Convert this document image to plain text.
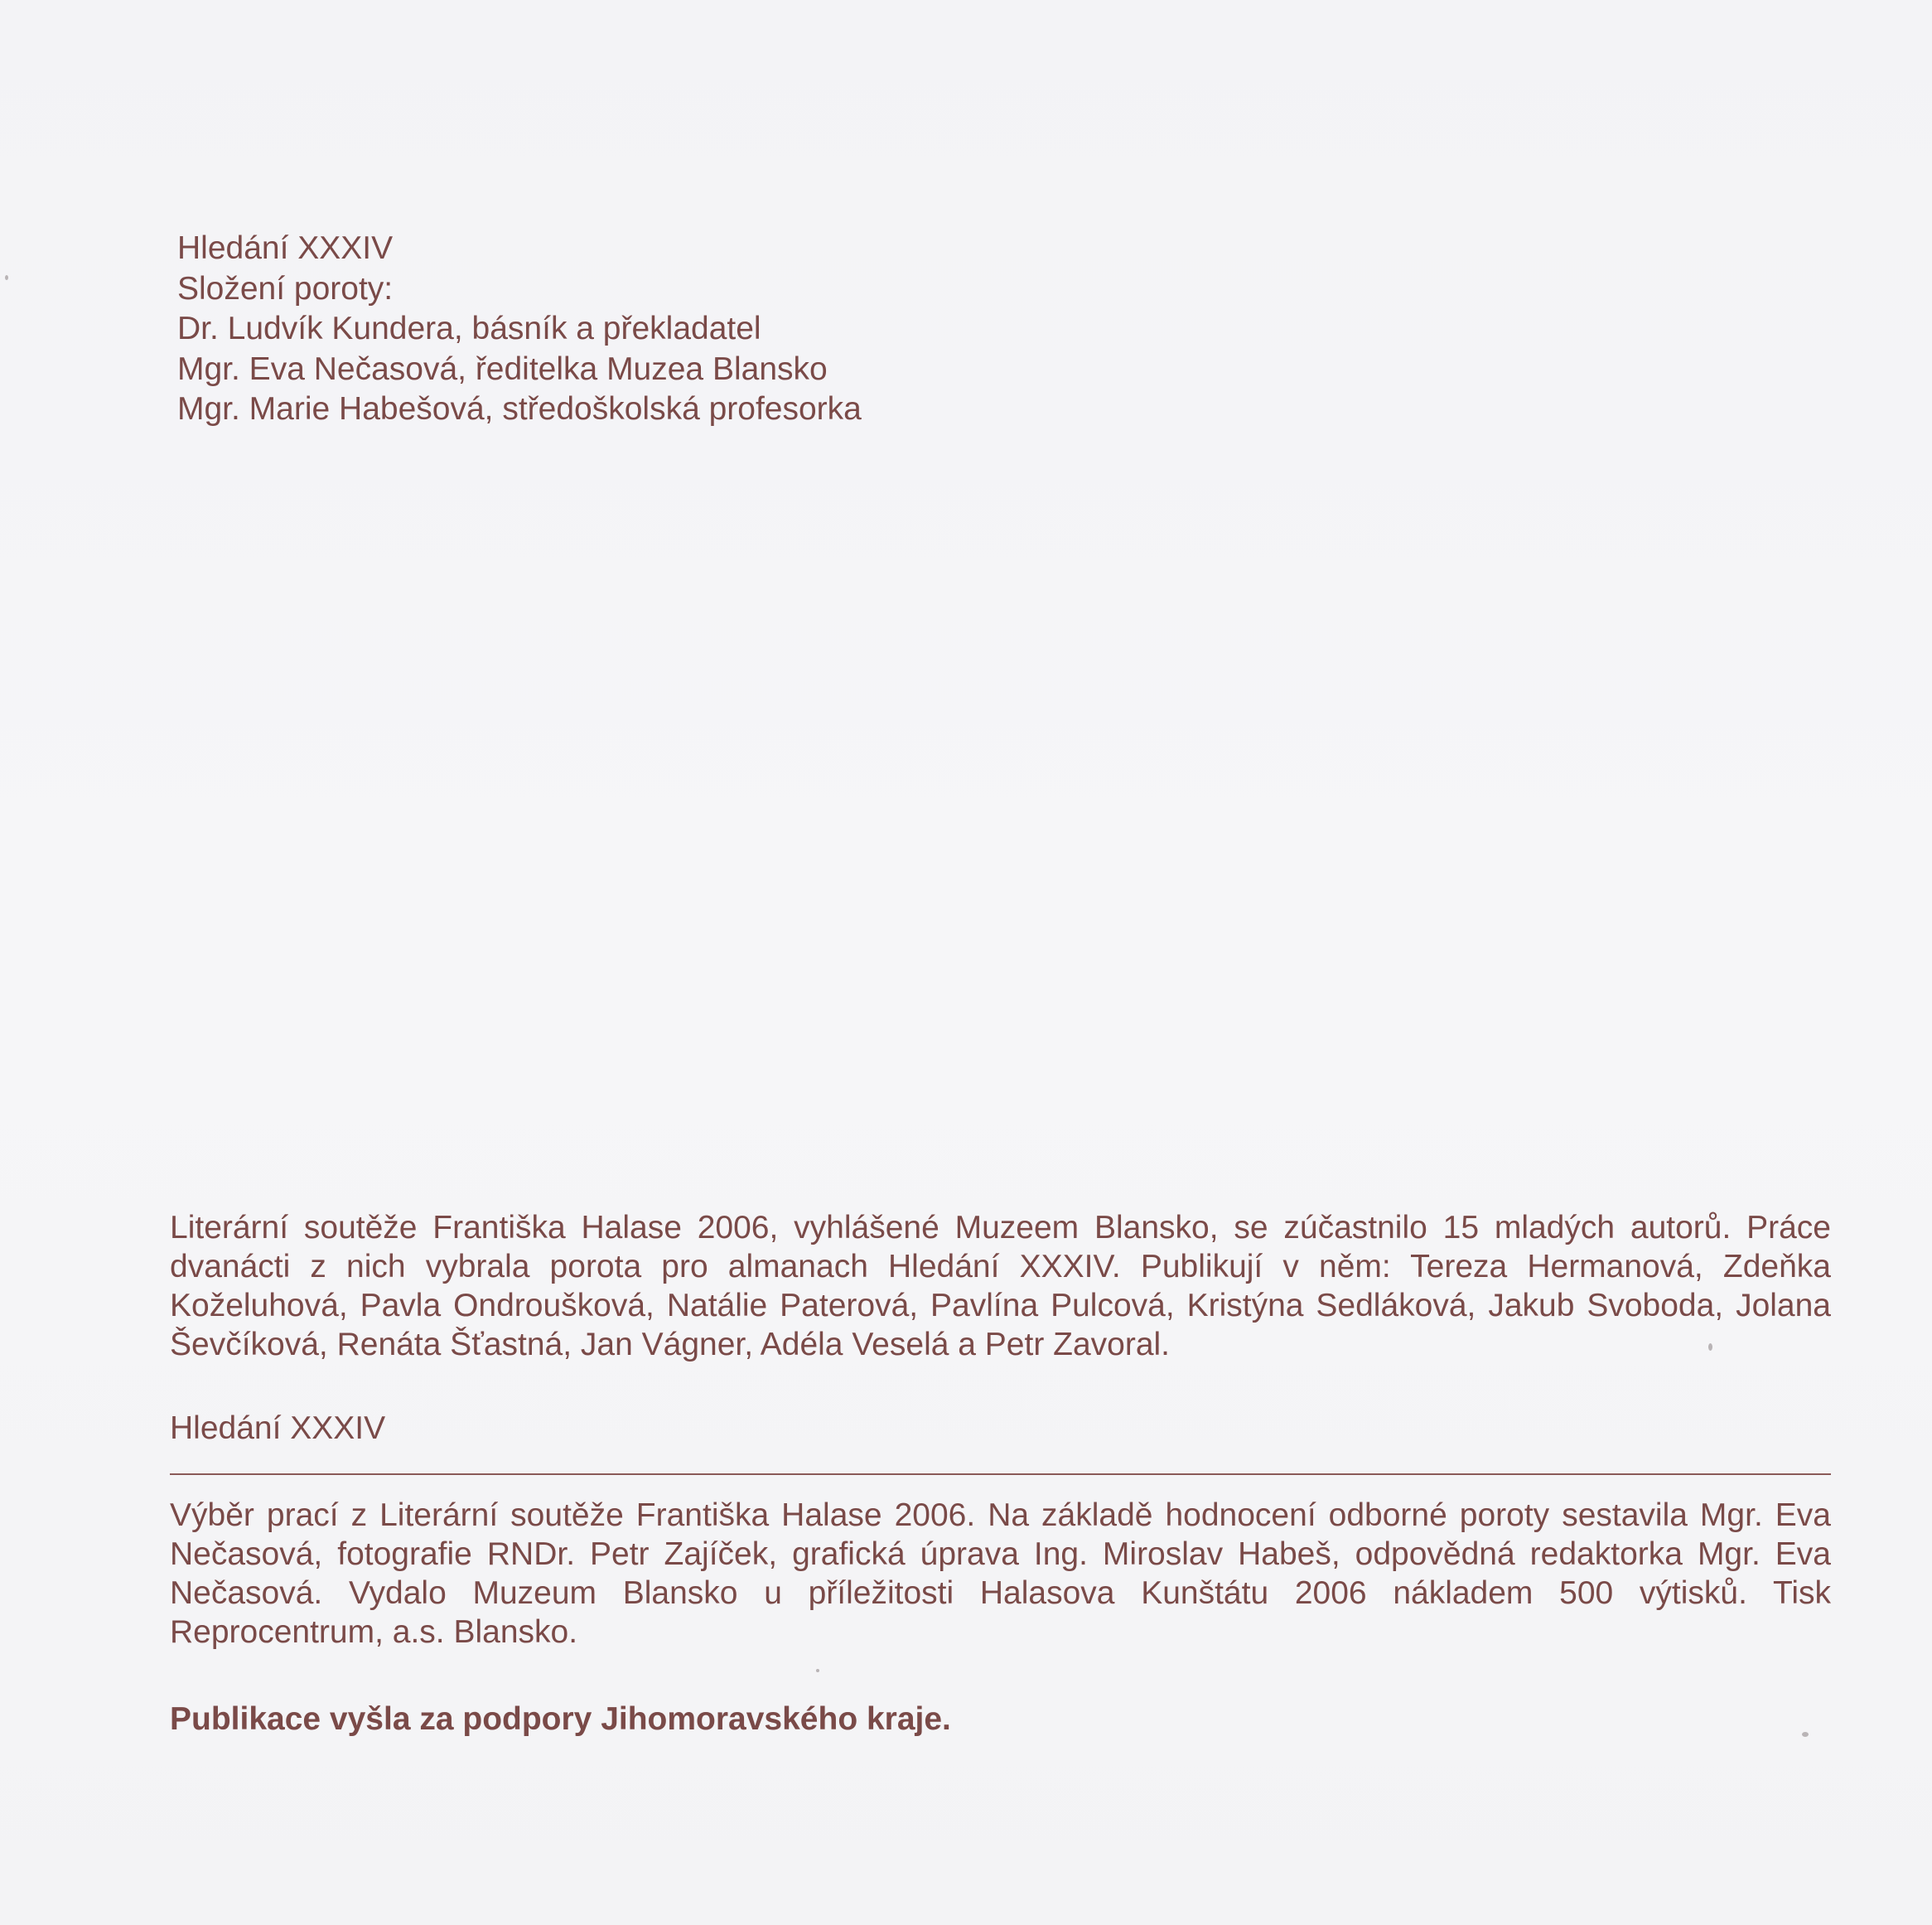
Hledání XXXIV
Složení poroty:
Dr. Ludvík Kundera, básník a překladatel
Mgr. Eva Nečasová, ředitelka Muzea Blansko
Mgr. Marie Habešová, středoškolská profesorka

Literární soutěže Františka Halase 2006, vyhlášené Muzeem Blansko, se zúčastnilo 15 mladých autorů. Práce dvanácti z nich vybrala porota pro almanach Hledání XXXIV. Publikují v něm: Tereza Hermanová, Zdeňka Koželuhová, Pavla Ondroušková, Natálie Paterová, Pavlína Pulcová, Kristýna Sedláková, Jakub Svoboda, Jolana Ševčíková, Renáta Šťastná, Jan Vágner, Adéla Veselá a Petr Zavoral.

Hledání XXXIV

Výběr prací z Literární soutěže Františka Halase 2006. Na základě hodnocení odborné poroty sestavila Mgr. Eva Nečasová, fotografie RNDr. Petr Zajíček, grafická úprava Ing. Miroslav Habeš, odpovědná redaktorka Mgr. Eva Nečasová. Vydalo Muzeum Blansko u příležitosti Halasova Kunštátu 2006 nákladem 500 výtisků. Tisk Reprocentrum, a.s. Blansko.

Publikace vyšla za podpory Jihomoravského kraje.
